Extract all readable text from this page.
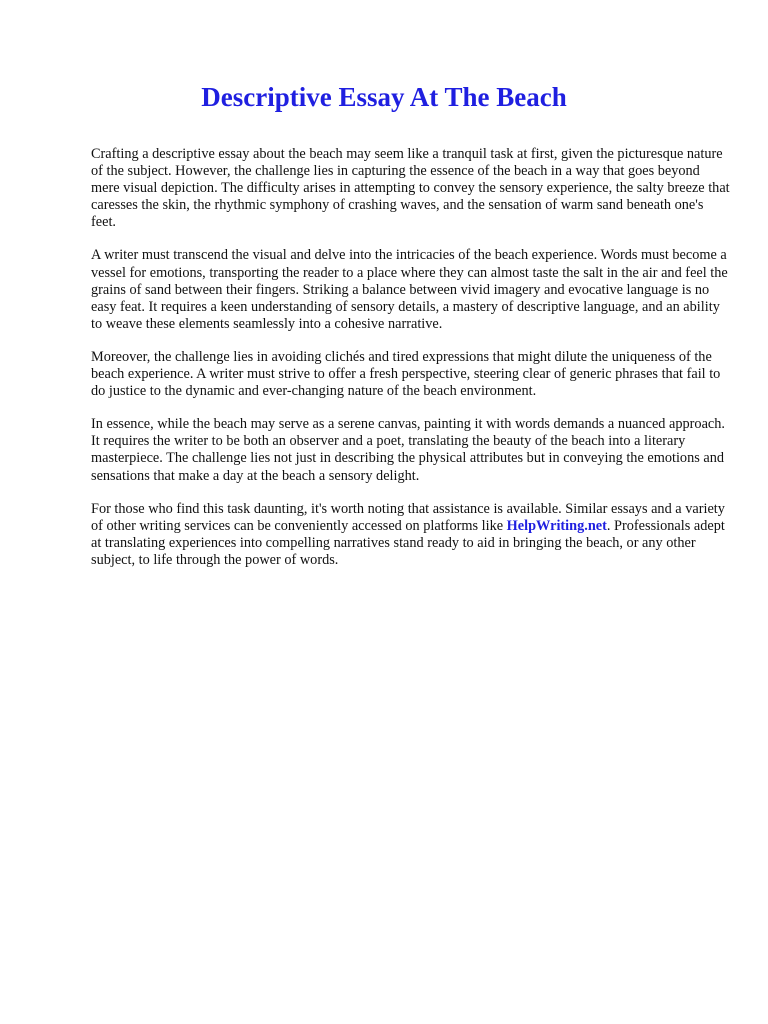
Descriptive Essay At The Beach

Crafting a descriptive essay about the beach may seem like a tranquil task at first, given the picturesque nature of the subject. However, the challenge lies in capturing the essence of the beach in a way that goes beyond mere visual depiction. The difficulty arises in attempting to convey the sensory experience, the salty breeze that caresses the skin, the rhythmic symphony of crashing waves, and the sensation of warm sand beneath one's feet.

A writer must transcend the visual and delve into the intricacies of the beach experience. Words must become a vessel for emotions, transporting the reader to a place where they can almost taste the salt in the air and feel the grains of sand between their fingers. Striking a balance between vivid imagery and evocative language is no easy feat. It requires a keen understanding of sensory details, a mastery of descriptive language, and an ability to weave these elements seamlessly into a cohesive narrative.

Moreover, the challenge lies in avoiding clichés and tired expressions that might dilute the uniqueness of the beach experience. A writer must strive to offer a fresh perspective, steering clear of generic phrases that fail to do justice to the dynamic and ever-changing nature of the beach environment.

In essence, while the beach may serve as a serene canvas, painting it with words demands a nuanced approach. It requires the writer to be both an observer and a poet, translating the beauty of the beach into a literary masterpiece. The challenge lies not just in describing the physical attributes but in conveying the emotions and sensations that make a day at the beach a sensory delight.

For those who find this task daunting, it's worth noting that assistance is available. Similar essays and a variety of other writing services can be conveniently accessed on platforms like HelpWriting.net. Professionals adept at translating experiences into compelling narratives stand ready to aid in bringing the beach, or any other subject, to life through the power of words.
